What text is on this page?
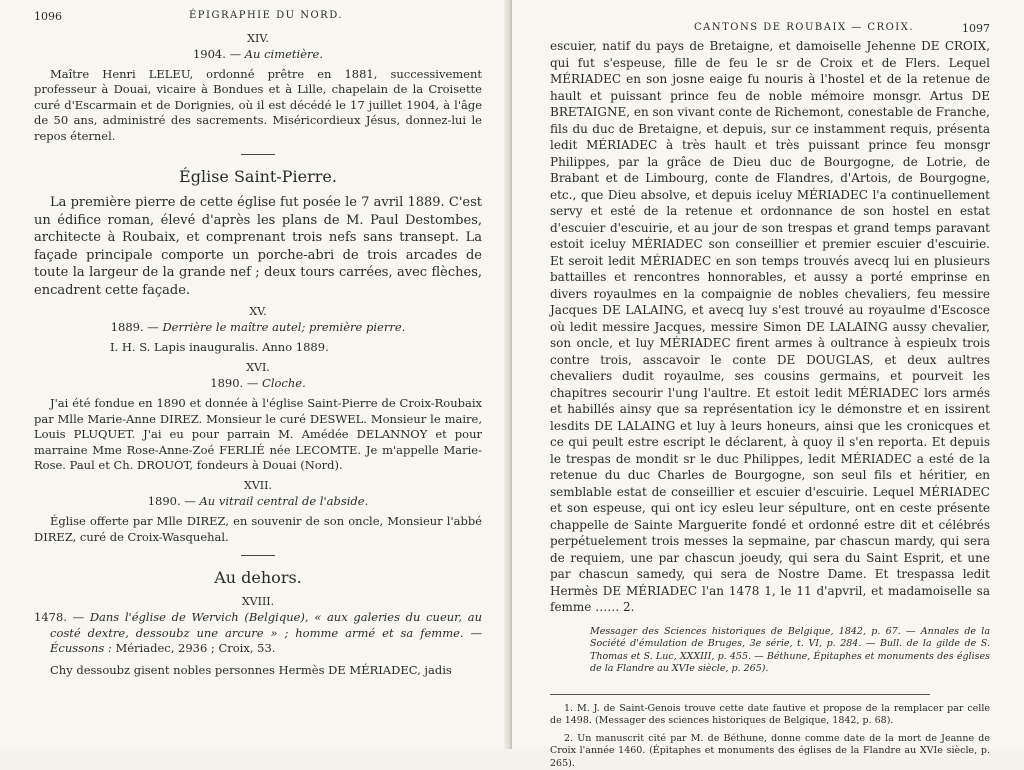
1096	ÉPIGRAPHIE DU NORD.
XIV.
1904. — Au cimetière.

Maître Henri LELEU, ordonné prêtre en 1881, successivement professeur à Douai, vicaire à Bondues et à Lille, chapelain de la Croisette curé d'Escarmain et de Dorignies, où il est décédé le 17 juillet 1904, à l'âge de 50 ans, administré des sacrements. Miséricordieux Jésus, donnez-lui le repos éternel.

Église Saint-Pierre.

La première pierre de cette église fut posée le 7 avril 1889. C'est un édifice roman, élevé d'après les plans de M. Paul Destombes, architecte à Roubaix, et comprenant trois nefs sans transept. La façade principale comporte un porche-abri de trois arcades de toute la largeur de la grande nef ; deux tours carrées, avec flèches, encadrent cette façade.

XV.
1889. — Derrière le maître autel; première pierre.

I. H. S. Lapis inauguralis. Anno 1889.

XVI.
1890. — Cloche.

J'ai été fondue en 1890 et donnée à l'église Saint-Pierre de Croix-Roubaix par Mlle Marie-Anne DIREZ. Monsieur le curé DESWEL. Monsieur le maire, Louis PLUQUET. J'ai eu pour parrain M. Amédée DELANNOY et pour marraine Mme Rose-Anne-Zoé FERLIÉ née LECOMTE. Je m'appelle Marie-Rose. Paul et Ch. DROUOT, fondeurs à Douai (Nord).

XVII.
1890. — Au vitrail central de l'abside.

Église offerte par Mlle DIREZ, en souvenir de son oncle, Monsieur l'abbé DIREZ, curé de Croix-Wasquehal.

Au dehors.
XVIII.

1478. — Dans l'église de Wervich (Belgique), « aux galeries du cueur, au costé dextre, dessoubz une arcure » ; homme armé et sa femme. — Écussons : Mériadec, 2936 ; Croix, 53.

Chy dessoubz gisent nobles personnes Hermès DE MÉRIADEC, jadis

CANTONS DE ROUBAIX — CROIX.	1097

escuier, natif du pays de Bretaigne, et damoiselle Jehenne DE CROIX, qui fut s'espeuse, fille de feu le sr de Croix et de Flers. Lequel MÉRIADEC en son josne eaige fu nouris à l'hostel et de la retenue de hault et puissant prince feu de noble mémoire monsgr. Artus DE BRETAIGNE, en son vivant conte de Richemont, conestable de Franche, fils du duc de Bretaigne, et depuis, sur ce instamment requis, présenta ledit MÉRIADEC à très hault et très puissant prince feu monsgr Philippes, par la grâce de Dieu duc de Bourgogne, de Lotrie, de Brabant et de Limbourg, conte de Flandres, d'Artois, de Bourgogne, etc., que Dieu absolve, et depuis iceluy MÉRIADEC l'a continuellement servy et esté de la retenue et ordonnance de son hostel en estat d'escuier d'escuirie, et au jour de son trespas et grand temps paravant estoit iceluy MÉRIADEC son conseillier et premier escuier d'escuirie. Et seroit ledit MÉRIADEC en son temps trouvés avecq lui en plusieurs battailles et rencontres honnorables, et aussy a porté emprinse en divers royaulmes en la compaignie de nobles chevaliers, feu messire Jacques DE LALAING, et avecq luy s'est trouvé au royaulme d'Escosce où ledit messire Jacques, messire Simon DE LALAING aussy chevalier, son oncle, et luy MÉRIADEC firent armes à oultrance à espieulx trois contre trois, asscavoir le conte DE DOUGLAS, et deux aultres chevaliers dudit royaulme, ses cousins germains, et pourveit les chapitres secourir l'ung l'aultre. Et estoit ledit MÉRIADEC lors armés et habillés ainsy que sa représentation icy le démonstre et en issirent lesdits DE LALAING et luy à leurs honeurs, ainsi que les cronicques et ce qui peult estre escript le déclarent, à quoy il s'en reporta. Et depuis le trespas de mondit sr le duc Philippes, ledit MÉRIADEC a esté de la retenue du duc Charles de Bourgogne, son seul fils et héritier, en semblable estat de conseillier et escuier d'escuirie. Lequel MÉRIADEC et son espeuse, qui ont icy esleu leur sépulture, ont en ceste présente chappelle de Sainte Marguerite fondé et ordonné estre dit et célébrés perpétuelement trois messes la sepmaine, par chascun mardy, qui sera de requiem, une par chascun joeudy, qui sera du Saint Esprit, et une par chascun samedy, qui sera de Nostre Dame. Et trespassa ledit Hermès DE MÉRIADEC l'an 1478 1, le 11 d'apvril, et madamoiselle sa femme …… 2.

Messager des Sciences historiques de Belgique, 1842, p. 67. — Annales de la Société d'émulation de Bruges, 3e série, t. VI, p. 284. — Bull. de la gilde de S. Thomas et S. Luc, XXXIII, p. 455. — Béthune, Épitaphes et monuments des églises de la Flandre au XVIe siècle, p. 265).
1. M. J. de Saint-Genois trouve cette date fautive et propose de la remplacer par celle de 1498. (Messager des sciences historiques de Belgique, 1842, p. 68).
2. Un manuscrit cité par M. de Béthune, donne comme date de la mort de Jeanne de Croix l'année 1460. (Épitaphes et monuments des églises de la Flandre au XVIe siècle, p. 265).
